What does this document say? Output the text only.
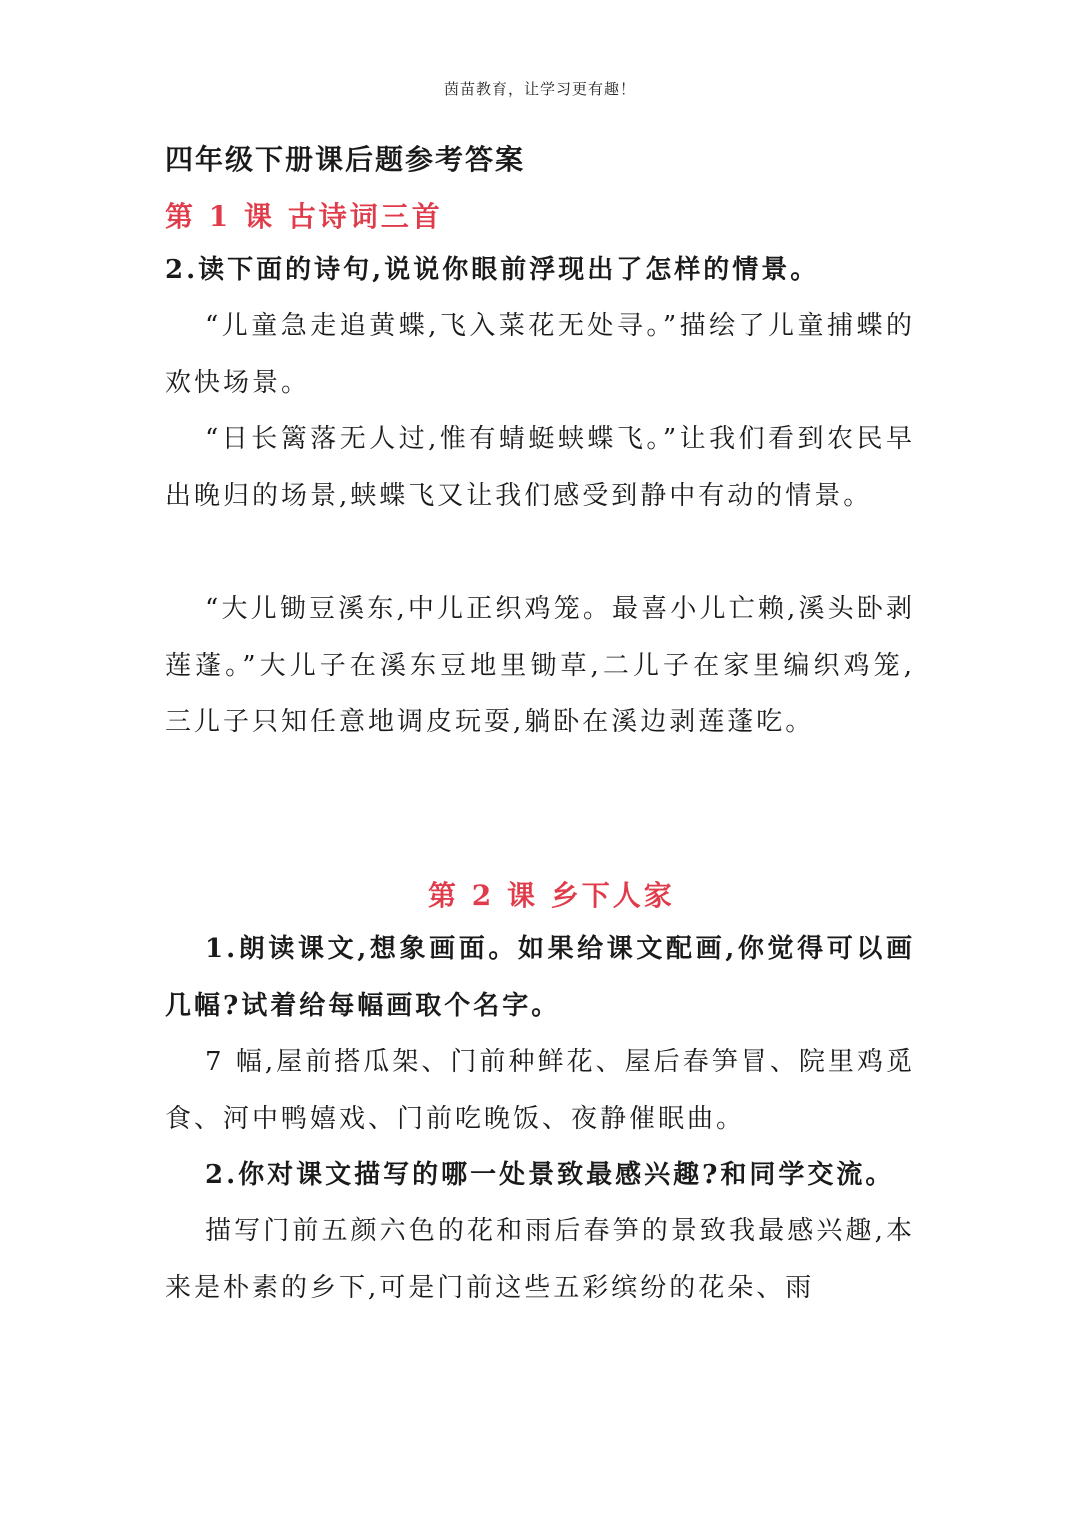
茵苗教育，让学习更有趣！
四年级下册课后题参考答案
第 1 课 古诗词三首

2.读下面的诗句,说说你眼前浮现出了怎样的情景。

“儿童急走追黄蝶,飞入菜花无处寻。”描绘了儿童捕蝶的欢快场景。

“日长篱落无人过,惟有蜻蜓蛱蝶飞。”让我们看到农民早出晚归的场景,蛱蝶飞又让我们感受到静中有动的情景。

“大儿锄豆溪东,中儿正织鸡笼。最喜小儿亡赖,溪头卧剥莲蓬。”大儿子在溪东豆地里锄草,二儿子在家里编织鸡笼,三儿子只知任意地调皮玩耍,躺卧在溪边剥莲蓬吃。

第 2 课 乡下人家

1.朗读课文,想象画面。如果给课文配画,你觉得可以画几幅?试着给每幅画取个名字。

7 幅,屋前搭瓜架、门前种鲜花、屋后春笋冒、院里鸡觅食、河中鸭嬉戏、门前吃晚饭、夜静催眠曲。

2.你对课文描写的哪一处景致最感兴趣?和同学交流。

描写门前五颜六色的花和雨后春笋的景致我最感兴趣,本来是朴素的乡下,可是门前这些五彩缤纷的花朵、雨
